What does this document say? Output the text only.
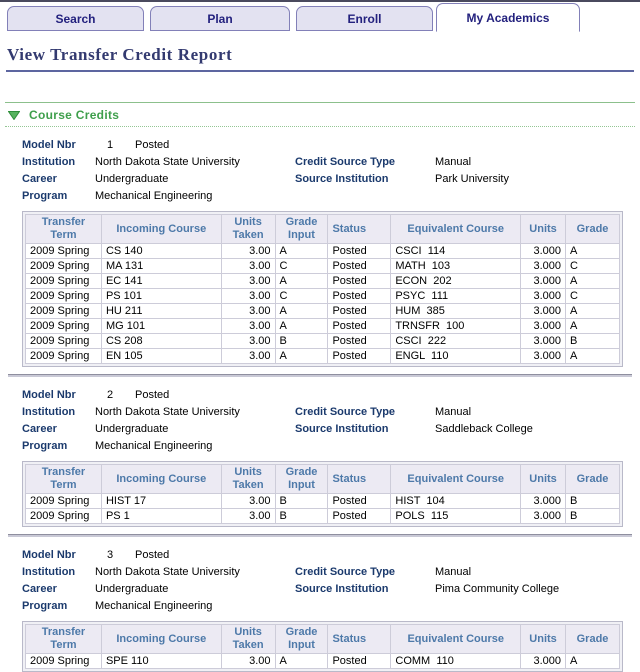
Search	Plan	Enroll	My Academics
View Transfer Credit Report
Course Credits
Model Nbr	1 Posted
Institution	North Dakota State University	Credit Source Type	Manual
Career	Undergraduate	Source Institution	Park University
Program	Mechanical Engineering
Transfer Term	Incoming Course	Units Taken	Grade Input	Status	Equivalent Course	Units	Grade
2009 Spring	CS 140	3.00	A	Posted	CSCI  114	3.000	A
2009 Spring	MA 131	3.00	C	Posted	MATH  103	3.000	C
2009 Spring	EC 141	3.00	A	Posted	ECON  202	3.000	A
2009 Spring	PS 101	3.00	C	Posted	PSYC  111	3.000	C
2009 Spring	HU 211	3.00	A	Posted	HUM  385	3.000	A
2009 Spring	MG 101	3.00	A	Posted	TRNSFR  100	3.000	A
2009 Spring	CS 208	3.00	B	Posted	CSCI  222	3.000	B
2009 Spring	EN 105	3.00	A	Posted	ENGL  110	3.000	A
Model Nbr	2 Posted
Institution	North Dakota State University	Credit Source Type	Manual
Career	Undergraduate	Source Institution	Saddleback College
Program	Mechanical Engineering
Transfer Term	Incoming Course	Units Taken	Grade Input	Status	Equivalent Course	Units	Grade
2009 Spring	HIST 17	3.00	B	Posted	HIST  104	3.000	B
2009 Spring	PS 1	3.00	B	Posted	POLS  115	3.000	B
Model Nbr	3 Posted
Institution	North Dakota State University	Credit Source Type	Manual
Career	Undergraduate	Source Institution	Pima Community College
Program	Mechanical Engineering
Transfer Term	Incoming Course	Units Taken	Grade Input	Status	Equivalent Course	Units	Grade
2009 Spring	SPE 110	3.00	A	Posted	COMM  110	3.000	A
